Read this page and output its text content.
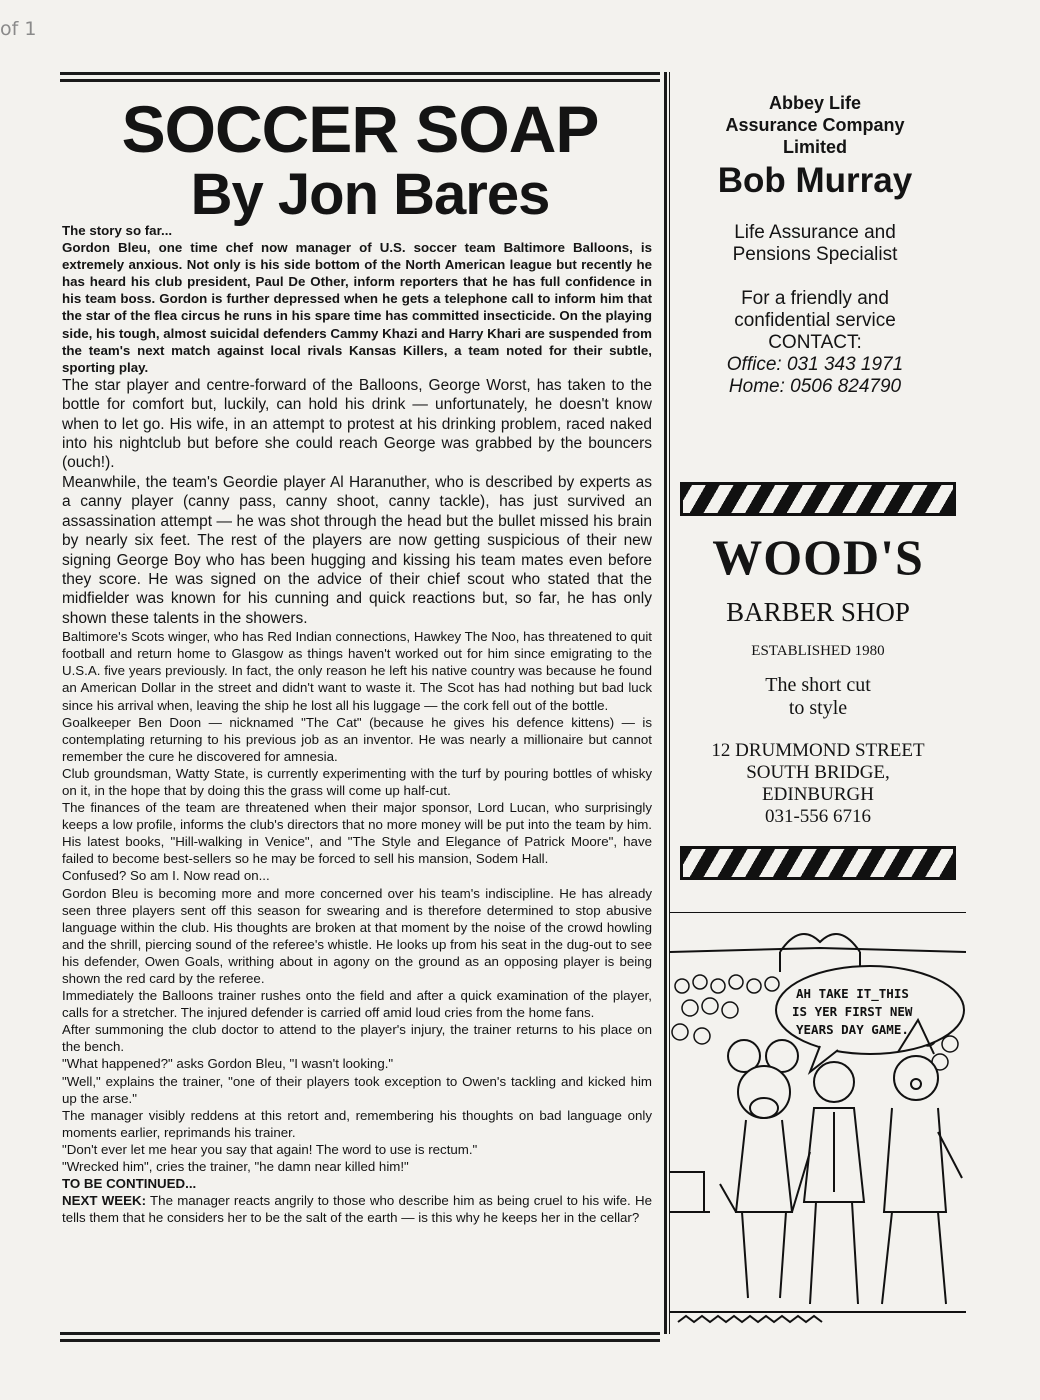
of 1
SOCCER SOAP
By Jon Bares

The story so far...

Gordon Bleu, one time chef now manager of U.S. soccer team Baltimore Balloons, is extremely anxious. Not only is his side bottom of the North American league but recently he has heard his club president, Paul De Other, inform reporters that he has full confidence in his team boss. Gordon is further depressed when he gets a telephone call to inform him that the star of the flea circus he runs in his spare time has committed insecticide. On the playing side, his tough, almost suicidal defenders Cammy Khazi and Harry Khari are suspended from the team's next match against local rivals Kansas Killers, a team noted for their subtle, sporting play.

The star player and centre-forward of the Balloons, George Worst, has taken to the bottle for comfort but, luckily, can hold his drink — unfortunately, he doesn't know when to let go. His wife, in an attempt to protest at his drinking problem, raced naked into his nightclub but before she could reach George was grabbed by the bouncers (ouch!).

Meanwhile, the team's Geordie player Al Haranuther, who is described by experts as a canny player (canny pass, canny shoot, canny tackle), has just survived an assassination attempt — he was shot through the head but the bullet missed his brain by nearly six feet. The rest of the players are now getting suspicious of their new signing George Boy who has been hugging and kissing his team mates even before they score. He was signed on the advice of their chief scout who stated that the midfielder was known for his cunning and quick reactions but, so far, he has only shown these talents in the showers.

Baltimore's Scots winger, who has Red Indian connections, Hawkey The Noo, has threatened to quit football and return home to Glasgow as things haven't worked out for him since emigrating to the U.S.A. five years previously. In fact, the only reason he left his native country was because he found an American Dollar in the street and didn't want to waste it. The Scot has had nothing but bad luck since his arrival when, leaving the ship he lost all his luggage — the cork fell out of the bottle.

Goalkeeper Ben Doon — nicknamed "The Cat" (because he gives his defence kittens) — is contemplating returning to his previous job as an inventor. He was nearly a millionaire but cannot remember the cure he discovered for amnesia.

Club groundsman, Watty State, is currently experimenting with the turf by pouring bottles of whisky on it, in the hope that by doing this the grass will come up half-cut.

The finances of the team are threatened when their major sponsor, Lord Lucan, who surprisingly keeps a low profile, informs the club's directors that no more money will be put into the team by him. His latest books, "Hill-walking in Venice", and "The Style and Elegance of Patrick Moore", have failed to become best-sellers so he may be forced to sell his mansion, Sodem Hall.

Confused? So am I. Now read on...

Gordon Bleu is becoming more and more concerned over his team's indiscipline. He has already seen three players sent off this season for swearing and is therefore determined to stop abusive language within the club. His thoughts are broken at that moment by the noise of the crowd howling and the shrill, piercing sound of the referee's whistle. He looks up from his seat in the dug-out to see his defender, Owen Goals, writhing about in agony on the ground as an opposing player is being shown the red card by the referee.

Immediately the Balloons trainer rushes onto the field and after a quick examination of the player, calls for a stretcher. The injured defender is carried off amid loud cries from the home fans.

After summoning the club doctor to attend to the player's injury, the trainer returns to his place on the bench.

"What happened?" asks Gordon Bleu, "I wasn't looking."

"Well," explains the trainer, "one of their players took exception to Owen's tackling and kicked him up the arse."

The manager visibly reddens at this retort and, remembering his thoughts on bad language only moments earlier, reprimands his trainer.

"Don't ever let me hear you say that again! The word to use is rectum."

"Wrecked him", cries the trainer, "he damn near killed him!"

TO BE CONTINUED...

NEXT WEEK: The manager reacts angrily to those who describe him as being cruel to his wife. He tells them that he considers her to be the salt of the earth — is this why he keeps her in the cellar?

Abbey Life
Assurance Company
Limited
Bob Murray
Life Assurance and
Pensions Specialist
For a friendly and
confidential service
CONTACT:
Office: 031 343 1971
Home: 0506 824790
WOOD'S
BARBER SHOP
ESTABLISHED 1980
The short cut
to style
12 DRUMMOND STREET
SOUTH BRIDGE,
EDINBURGH
031-556 6716
AH TAKE IT_THIS
IS YER FIRST NEW
YEARS DAY GAME.
